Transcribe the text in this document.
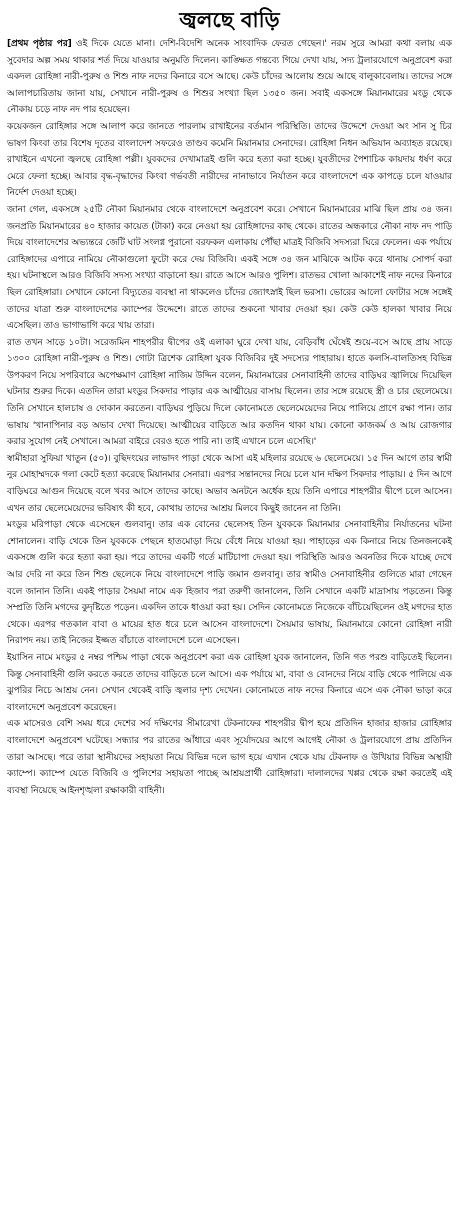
জ্বলছে বাড়ি

[প্রথম পৃষ্ঠার পর] ওই দিকে যেতে মানা। দেশি-বিদেশি অনেক সাংবাদিক ফেরত গেছেন।' নরম সুরে আমরা কথা বলায় এক সুবেদার অল্প সময় থাকার শর্ত দিয়ে যাওয়ার অনুমতি দিলেন। কাঙ্ক্ষিত গন্তব্যে গিয়ে দেখা যায়, সদ্য ট্রলারযোগে অনুপ্রবেশ করা একদল রোহিঙ্গা নারী-পুরুষ ও শিশু নাফ নদের কিনারে বসে আছে। কেউ চাঁদের আলোয় শুয়ে আছে বালুকাবেলায়। তাদের সঙ্গে আলাপচারিতায় জানা যায়, সেখানে নারী-পুরুষ ও শিশুর সংখ্যা ছিল ১৩৫০ জন। সবাই একসঙ্গে মিয়ানমারের মংডু থেকে নৌকায় চড়ে নাফ নদ পার হয়েছেন।

কয়েকজন রোহিঙ্গার সঙ্গে আলাপ করে জানতে পারলাম রাখাইনের বর্তমান পরিস্থিতি। তাদের উদ্দেশে দেওয়া অং সান সু চির ভাষণ কিংবা তার বিশেষ দূতের বাংলাদেশ সফরেও তাণ্ডব কমেনি মিয়ানমার সেনাদের। রোহিঙ্গা নিধন অভিযান অব্যাহত রয়েছে। রাখাইনে এখনো জ্বলছে রোহিঙ্গা পল্লী। যুবকদের দেখামাত্রই গুলি করে হত্যা করা হচ্ছে। যুবতীদের পৈশাচিক কায়দায় ধর্ষণ করে মেরে ফেলা হচ্ছে। আবার বৃদ্ধ-বৃদ্ধাদের কিংবা গর্ভবতী নারীদের নানাভাবে নির্যাতন করে বাংলাদেশে এক কাপড়ে চলে যাওয়ার নির্দেশ দেওয়া হচ্ছে।

জানা গেল, একসঙ্গে ২৫টি নৌকা মিয়ানমার থেকে বাংলাদেশে অনুপ্রবেশ করে। সেখানে মিয়ানমারের মাঝি ছিল প্রায় ৩৪ জন। জনপ্রতি মিয়ানমারের ৪০ হাজার কায়েত (টাকা) করে নেওয়া হয় রোহিঙ্গাদের কাছ থেকে। রাতের অন্ধকারে নৌকা নাফ নদ পাড়ি দিয়ে বাংলাদেশের অভ্যন্তরে জেটি ঘাট সংলগ্ন পুরানো বরফকল এলাকায় পৌঁছা মাত্রই বিজিবি সদস্যরা ঘিরে ফেলেন। এক পর্যায়ে রোহিঙ্গাদের এপারে নামিয়ে নৌকাগুলো ফুটো করে দেয় বিজিবি। একই সঙ্গে ৩৪ জন মাঝিকে আটক করে থানায় সোপর্দ করা হয়। ঘটনাস্থলে আরও বিজিবি সদস্য সংখ্যা বাড়ানো হয়। রাতে আসে আরও পুলিশ। রাতভর খোলা আকাশেই নাফ নদের কিনারে ছিল রোহিঙ্গারা। সেখানে কোনো বিদ্যুতের ব্যবস্থা না থাকলেও চাঁদের জ্যোৎস্নাই ছিল ভরসা। ভোরের আলো ফোটার সঙ্গে সঙ্গেই তাদের যাত্রা শুরু বাংলাদেশের ক্যাম্পের উদ্দেশে। রাতে তাদের শুকনো খাবার দেওয়া হয়। কেউ কেউ হালকা খাবার নিয়ে এসেছিল। তাও ভাগাভাগি করে খায় তারা।

রাত তখন সাড়ে ১০টা। সরেজমিন শাহপরীর দ্বীপের ওই এলাকা ঘুরে দেখা যায়, বেড়িবাঁধ ঘেঁষেই শুয়ে-বসে আছে প্রায় সাড়ে ১৩০০ রোহিঙ্গা নারী-পুরুষ ও শিশু। গোটা ত্রিশেক রোহিঙ্গা যুবক বিজিবির দুই সদস্যের পাহারায়। হাতে কলসি-বালতিসহ বিভিন্ন উপকরণ নিয়ে সপরিবারে অপেক্ষমাণ রোহিঙ্গা নাজিম উদ্দিন বলেন, মিয়ানমারের সেনাবাহিনী তাদের বাড়িঘর জ্বালিয়ে দিয়েছিল ঘটনার শুরুর দিকে। এতদিন তারা মংডুর সিকদার পাড়ার এক আত্মীয়ের বাসায় ছিলেন। তার সঙ্গে রয়েছে স্ত্রী ও চার ছেলেমেয়ে। তিনি সেখানে হালচাষ ও দোকান করতেন। বাড়িঘর পুড়িয়ে দিলে কোনোমতে ছেলেমেয়েদের নিয়ে পালিয়ে প্রাণে রক্ষা পান। তার ভাষায় 'খানাপিনার বড় অভাব দেখা দিয়েছে। আত্মীয়ের বাড়িতে আর কতদিন থাকা যায়। কোনো কাজকর্ম ও আয় রোজগার করার সুযোগ নেই সেখানে। আমরা বাইরে বেরও হতে পারি না। তাই এখানে চলে এসেছি।'

স্বামীহারা সুফিয়া খাতুন (৫০)। বুছিদংয়ের লাভাদং পাড়া থেকে আসা এই মহিলার রয়েছে ৬ ছেলেমেয়ে। ১৫ দিন আগে তার স্বামী নুর মোহাম্মদকে গলা কেটে হত্যা করেছে মিয়ানমার সেনারা। এরপর সন্তানদের নিয়ে চলে যান দক্ষিণ সিকদার পাড়ায়। ৫ দিন আগে বাড়িঘরে আগুন দিয়েছে বলে খবর আসে তাদের কাছে। অভাব অনটনে অর্ধেক হয়ে তিনি এপারে শাহপরীর দ্বীপে চলে আসেন। এখন তার ছেলেমেয়েদের ভবিষ্যৎ কী হবে, কোথায় তাদের আশ্রয় মিলবে কিছুই জানেন না তিনি।

মংডুর মরিপাড়া থেকে এসেছেন গুলবানু। তার এক বোনের ছেলেসহ তিন যুবককে মিয়ানমার সেনাবাহিনীর নির্যাতনের ঘটনা শোনালেন। বাড়ি থেকে তিন যুবককে পেছনে হাতমোড়া দিয়ে বেঁধে নিয়ে যাওয়া হয়। পাহাড়ের এক কিনারে নিয়ে তিনজনকেই একসঙ্গে গুলি করে হত্যা করা হয়। পরে তাদের একটি গর্তে মাটিচাপা দেওয়া হয়। পরিস্থিতি আরও অবনতির দিকে যাচ্ছে দেখে আর দেরি না করে তিন শিশু ছেলেকে নিয়ে বাংলাদেশে পাড়ি জমান গুলবানু। তার স্বামীও সেনাবাহিনীর গুলিতে মারা গেছেন বলে জানান তিনি। একই পাড়ার সৈয়মা নামে এক হিজাব পরা তরুণী জানালেন, তিনি সেখানে একটি মাদ্রাসায় পড়তেন। কিন্তু সম্প্রতি তিনি মগদের কুদৃষ্টিতে পড়েন। একদিন তাকে ধাওয়া করা হয়। সেদিন কোনোমতে নিজেকে বাঁচিয়েছিলেন ওই মগদের হাত থেকে। এরপর গতকাল বাবা ও মায়ের হাত ধরে চলে আসেন বাংলাদেশে। সৈয়মার ভাষায়, মিয়ানমারে কোনো রোহিঙ্গা নারী নিরাপদ নয়। তাই নিজের ইজ্জত বাঁচাতে বাংলাদেশে চলে এসেছেন।

ইয়াসিন নামে মংডুর ৫ নম্বর পশ্চিম পাড়া থেকে অনুপ্রবেশ করা এক রোহিঙ্গা যুবক জানালেন, তিনি গত পরশু বাড়িতেই ছিলেন। কিন্তু সেনাবাহিনী গুলি করতে করতে তাদের বাড়িতে চলে আসে। এক পর্যায়ে মা, বাবা ও বোনদের নিয়ে বাড়ি থেকে পালিয়ে এক ঝুপরির নিচে আশ্রয় নেন। সেখান থেকেই বাড়ি জ্বলার দৃশ্য দেখেন। কোনোমতে নাফ নদের কিনারে এসে এক নৌকা ভাড়া করে বাংলাদেশে অনুপ্রবেশ করেছেন।

এক মাসেরও বেশি সময় ধরে দেশের সর্ব দক্ষিণের সীমারেখা টেকনাফের শাহপরীর দ্বীপ হয়ে প্রতিদিন হাজার হাজার রোহিঙ্গার বাংলাদেশে অনুপ্রবেশ ঘটেছে। সন্ধ্যার পর রাতের আঁধারে এবং সূর্যোদয়ের আগে আগেই নৌকা ও ট্রলারযোগে প্রায় প্রতিদিন তারা আসছে। পরে তারা স্থানীয়দের সহায়তা নিয়ে বিভিন্ন দলে ভাগ হয়ে এখান থেকে যায় টেকনাফ ও উখিয়ার বিভিন্ন অস্থায়ী ক্যাম্পে। ক্যাম্পে যেতে বিজিবি ও পুলিশের সহায়তা পাচ্ছে আশ্রয়প্রার্থী রোহিঙ্গারা। দালালদের খপ্পর থেকে রক্ষা করতেই এই ব্যবস্থা নিয়েছে আইনশৃঙ্খলা রক্ষাকারী বাহিনী।
